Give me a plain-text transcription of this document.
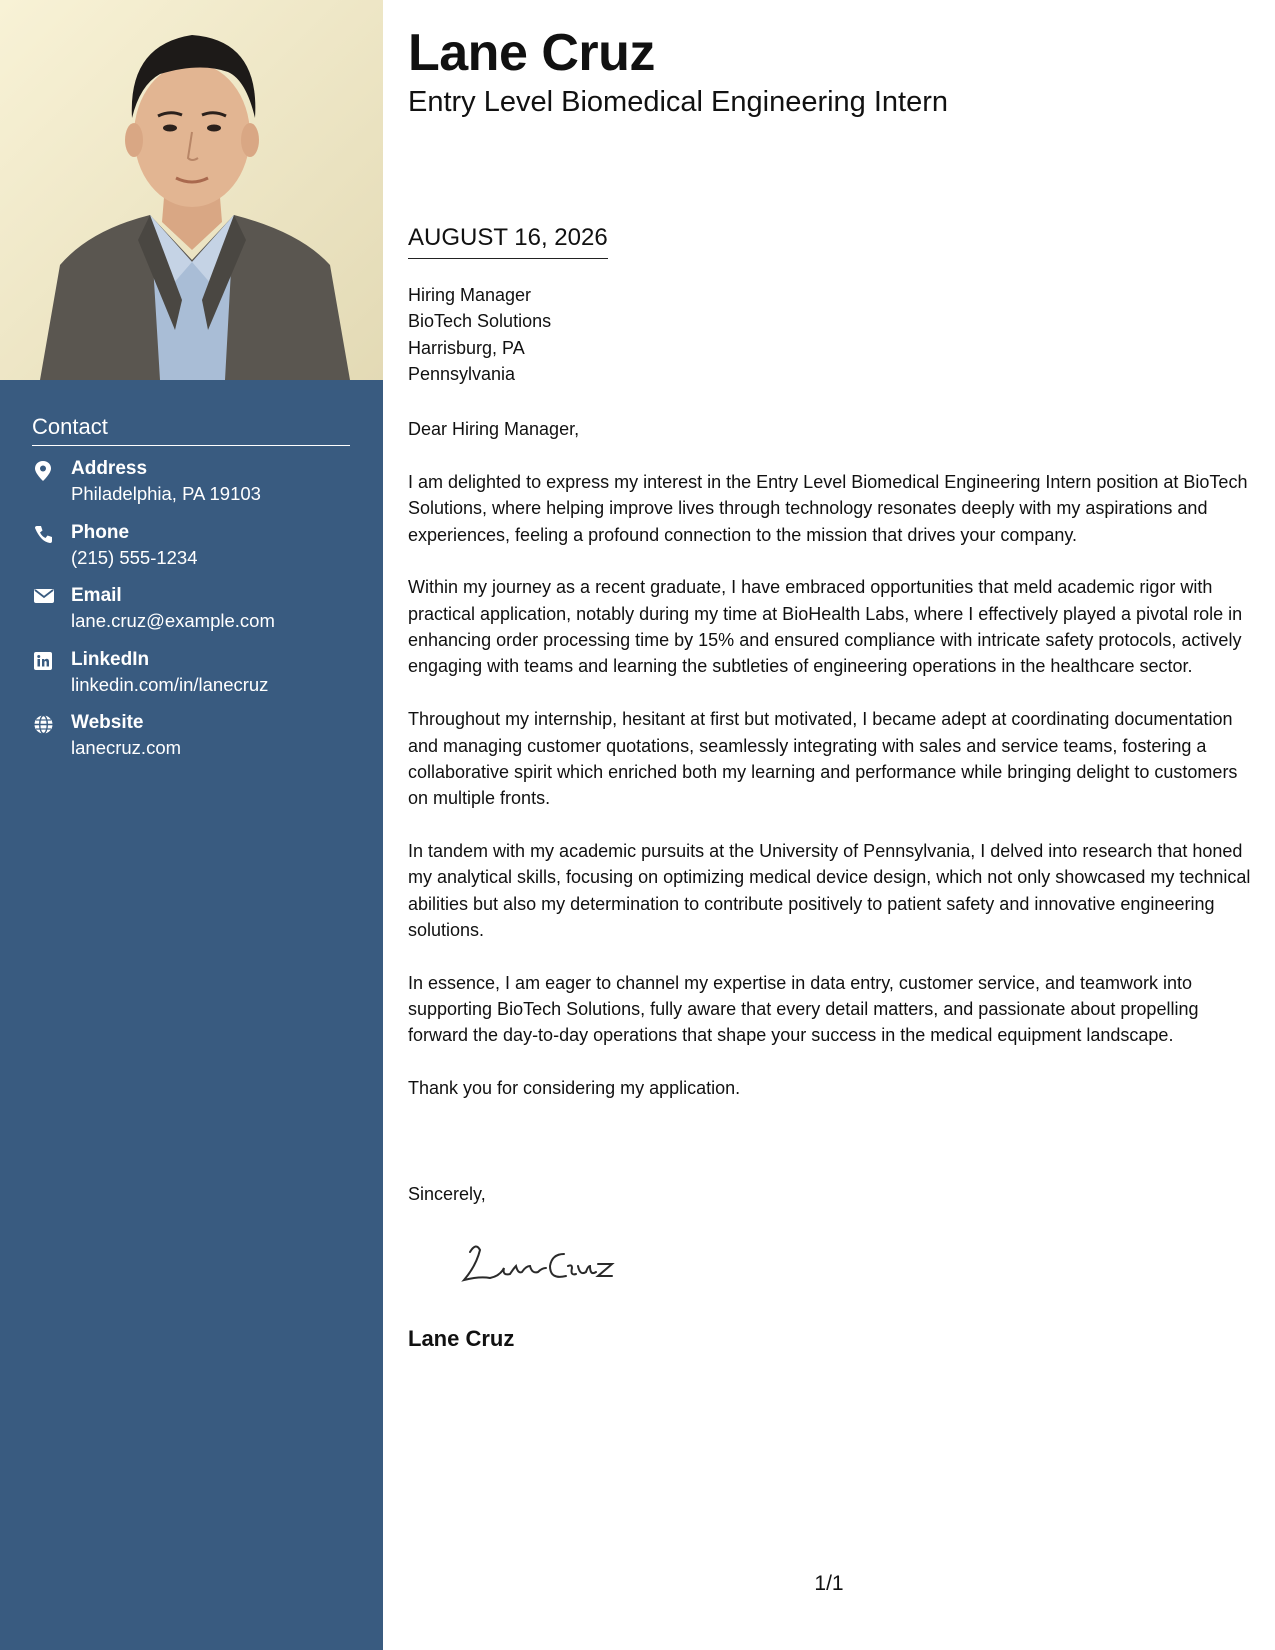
Contact
Address
Philadelphia, PA 19103
Phone
(215) 555-1234
Email
lane.cruz@example.com
LinkedIn
linkedin.com/in/lanecruz
Website
lanecruz.com
Lane Cruz
Entry Level Biomedical Engineering Intern
AUGUST 16, 2026
Hiring Manager
BioTech Solutions
Harrisburg, PA
Pennsylvania
Dear Hiring Manager,

I am delighted to express my interest in the Entry Level Biomedical Engineering Intern position at BioTech Solutions, where helping improve lives through technology resonates deeply with my aspirations and experiences, feeling a profound connection to the mission that drives your company.

Within my journey as a recent graduate, I have embraced opportunities that meld academic rigor with practical application, notably during my time at BioHealth Labs, where I effectively played a pivotal role in enhancing order processing time by 15% and ensured compliance with intricate safety protocols, actively engaging with teams and learning the subtleties of engineering operations in the healthcare sector.

Throughout my internship, hesitant at first but motivated, I became adept at coordinating documentation and managing customer quotations, seamlessly integrating with sales and service teams, fostering a collaborative spirit which enriched both my learning and performance while bringing delight to customers on multiple fronts.

In tandem with my academic pursuits at the University of Pennsylvania, I delved into research that honed my analytical skills, focusing on optimizing medical device design, which not only showcased my technical abilities but also my determination to contribute positively to patient safety and innovative engineering solutions.

In essence, I am eager to channel my expertise in data entry, customer service, and teamwork into supporting BioTech Solutions, fully aware that every detail matters, and passionate about propelling forward the day-to-day operations that shape your success in the medical equipment landscape.

Thank you for considering my application.

Sincerely,
Lane Cruz
1/1
